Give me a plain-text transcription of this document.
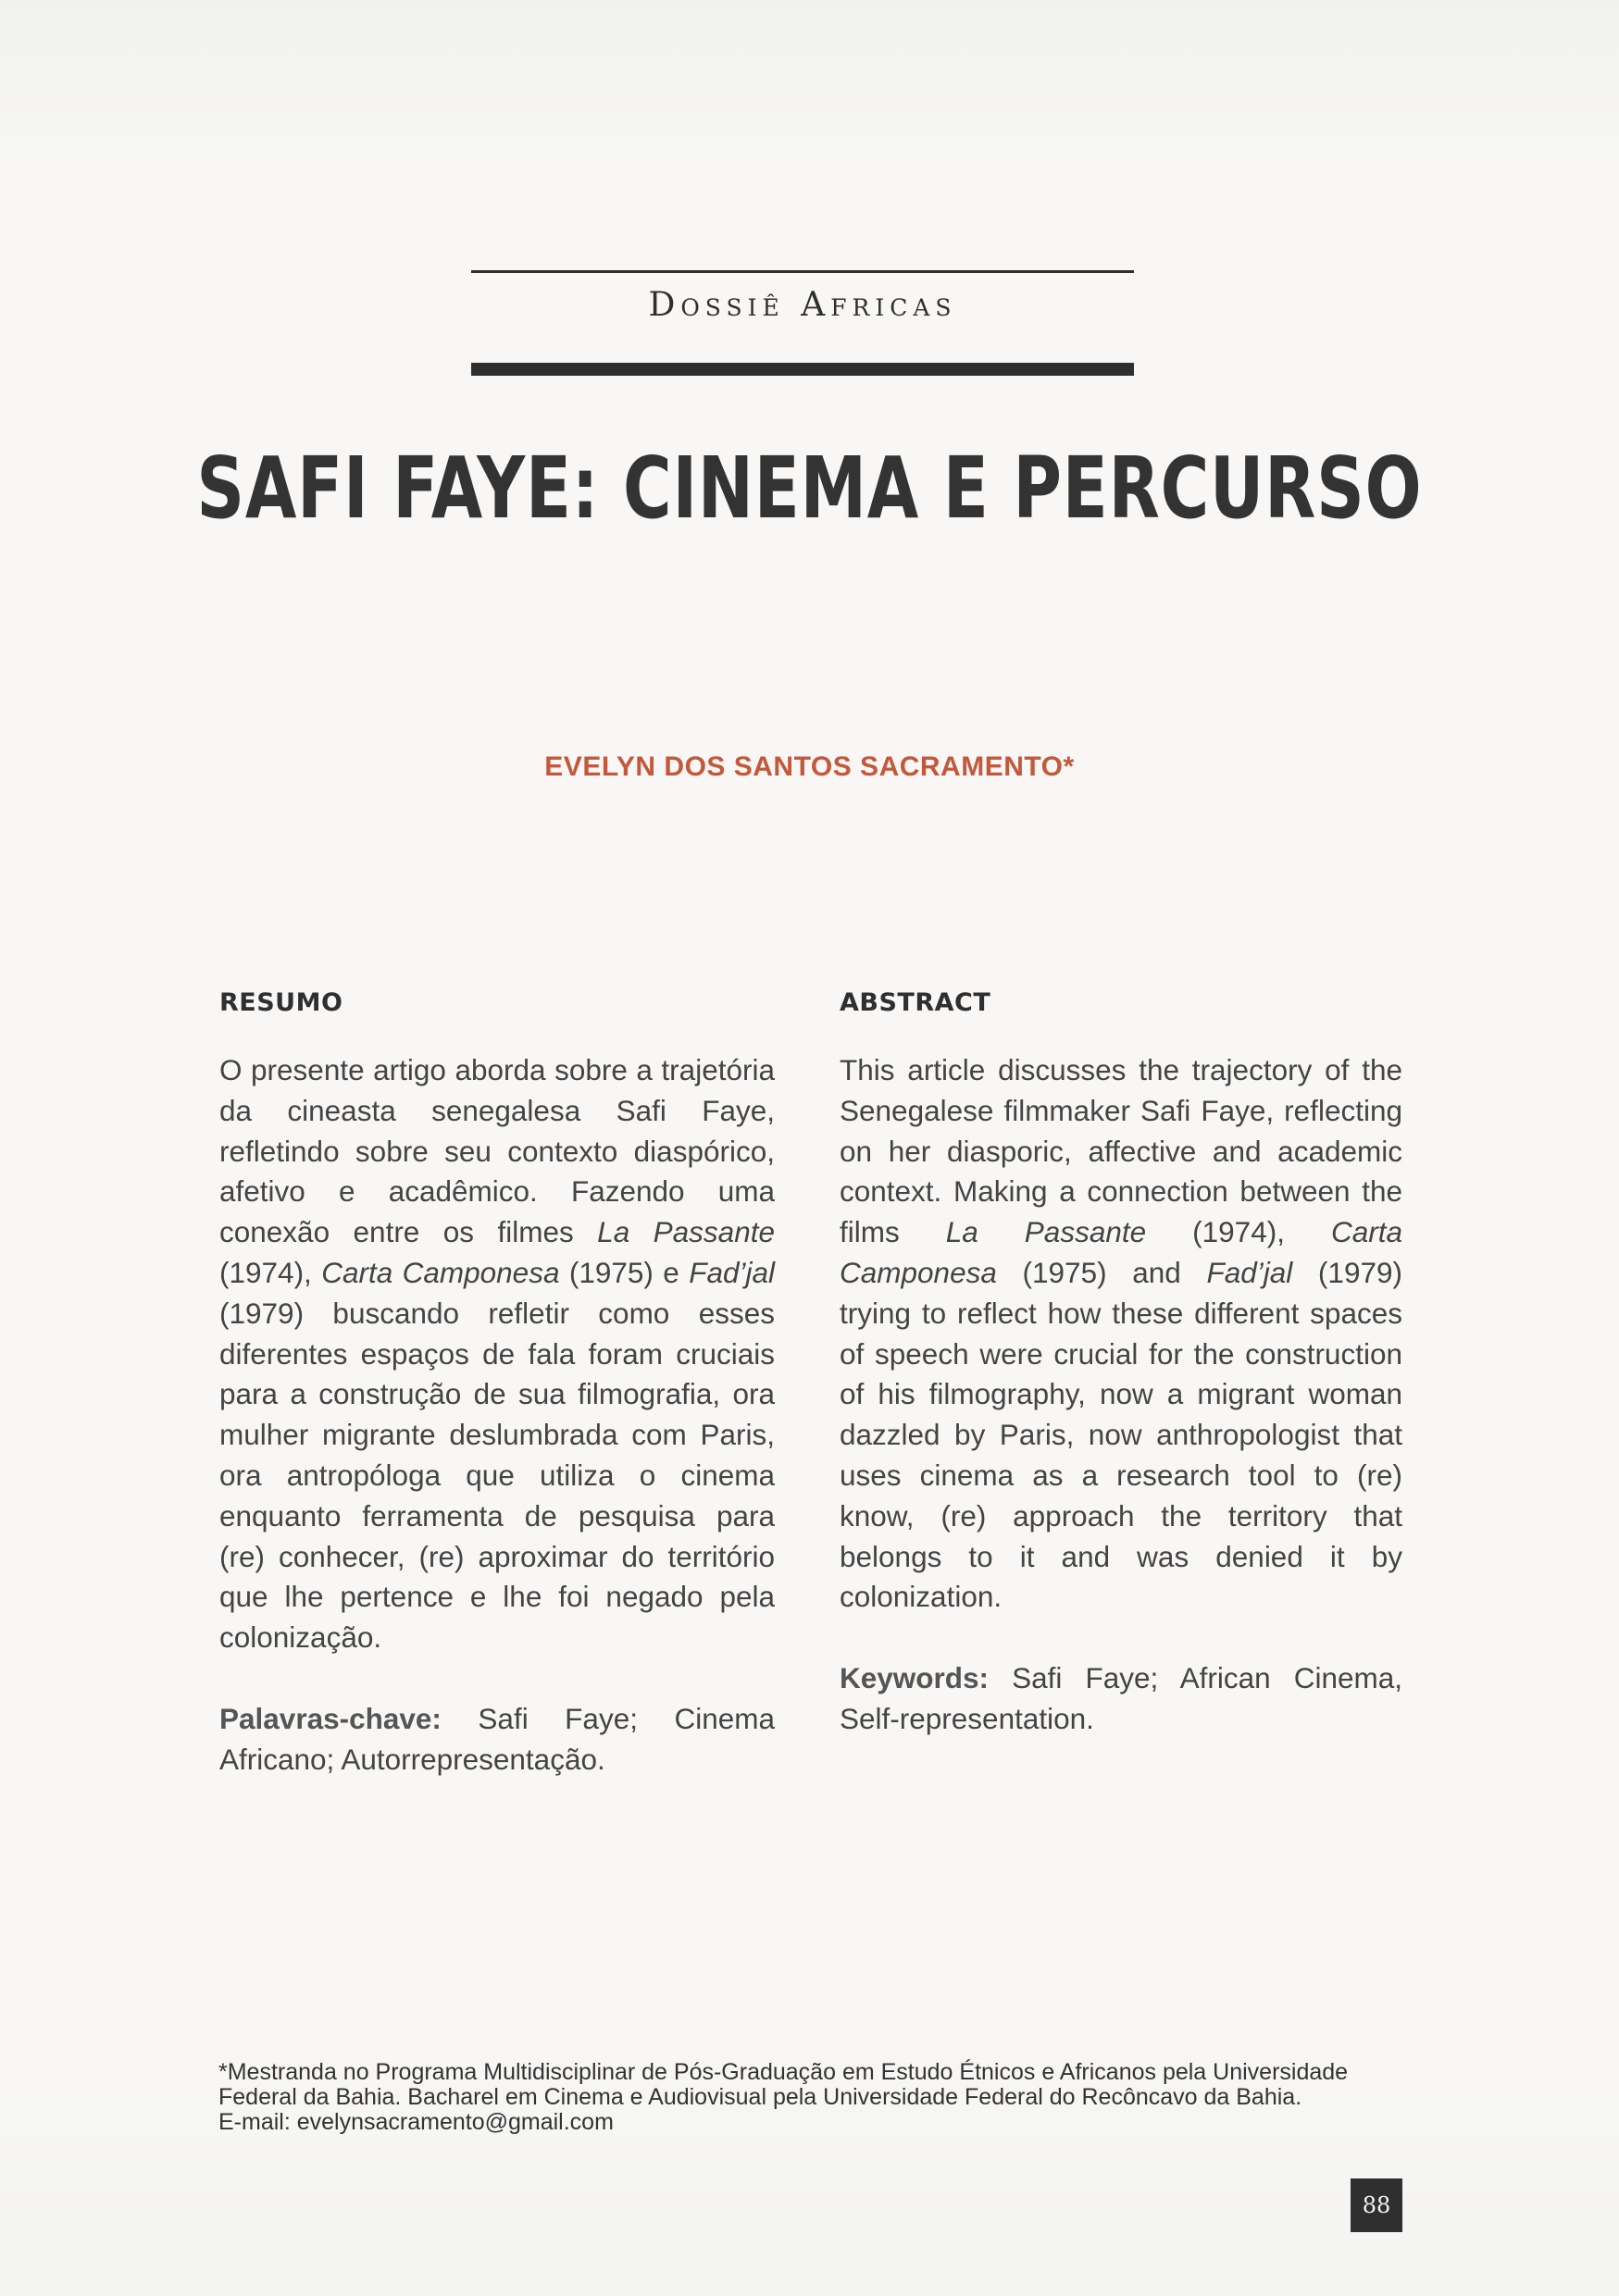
Dossiê Africas
SAFI FAYE: CINEMA E PERCURSO
EVELYN DOS SANTOS SACRAMENTO*
RESUMO

O presente artigo aborda sobre a trajetória da cineasta senegalesa Safi Faye, refletindo sobre seu contexto diaspórico, afetivo e acadêmico. Fazendo uma conexão entre os filmes La Passante (1974), Carta Camponesa (1975) e Fad’jal (1979) buscando refletir como esses diferentes espaços de fala foram cruciais para a construção de sua filmografia, ora mulher migrante deslumbrada com Paris, ora antropóloga que utiliza o cinema enquanto ferramenta de pesquisa para (re) conhecer, (re) aproximar do território que lhe pertence e lhe foi negado pela colonização.

Palavras-chave: Safi Faye; Cinema Africano; Autorrepresentação.
ABSTRACT

This article discusses the trajectory of the Senegalese filmmaker Safi Faye, reflecting on her diasporic, affective and academic context. Making a connection between the films La Passante (1974), Carta Camponesa (1975) and Fad’jal (1979) trying to reflect how these different spaces of speech were crucial for the construction of his filmography, now a migrant woman dazzled by Paris, now anthropologist that uses cinema as a research tool to (re) know, (re) approach the territory that belongs to it and was denied it by colonization.

Keywords: Safi Faye; African Cinema, Self-representation.
*Mestranda no Programa Multidisciplinar de Pós-Graduação em Estudo Étnicos e Africanos pela Universidade Federal da Bahia. Bacharel em Cinema e Audiovisual pela Universidade Federal do Recôncavo da Bahia.
E-mail: evelynsacramento@gmail.com
88
